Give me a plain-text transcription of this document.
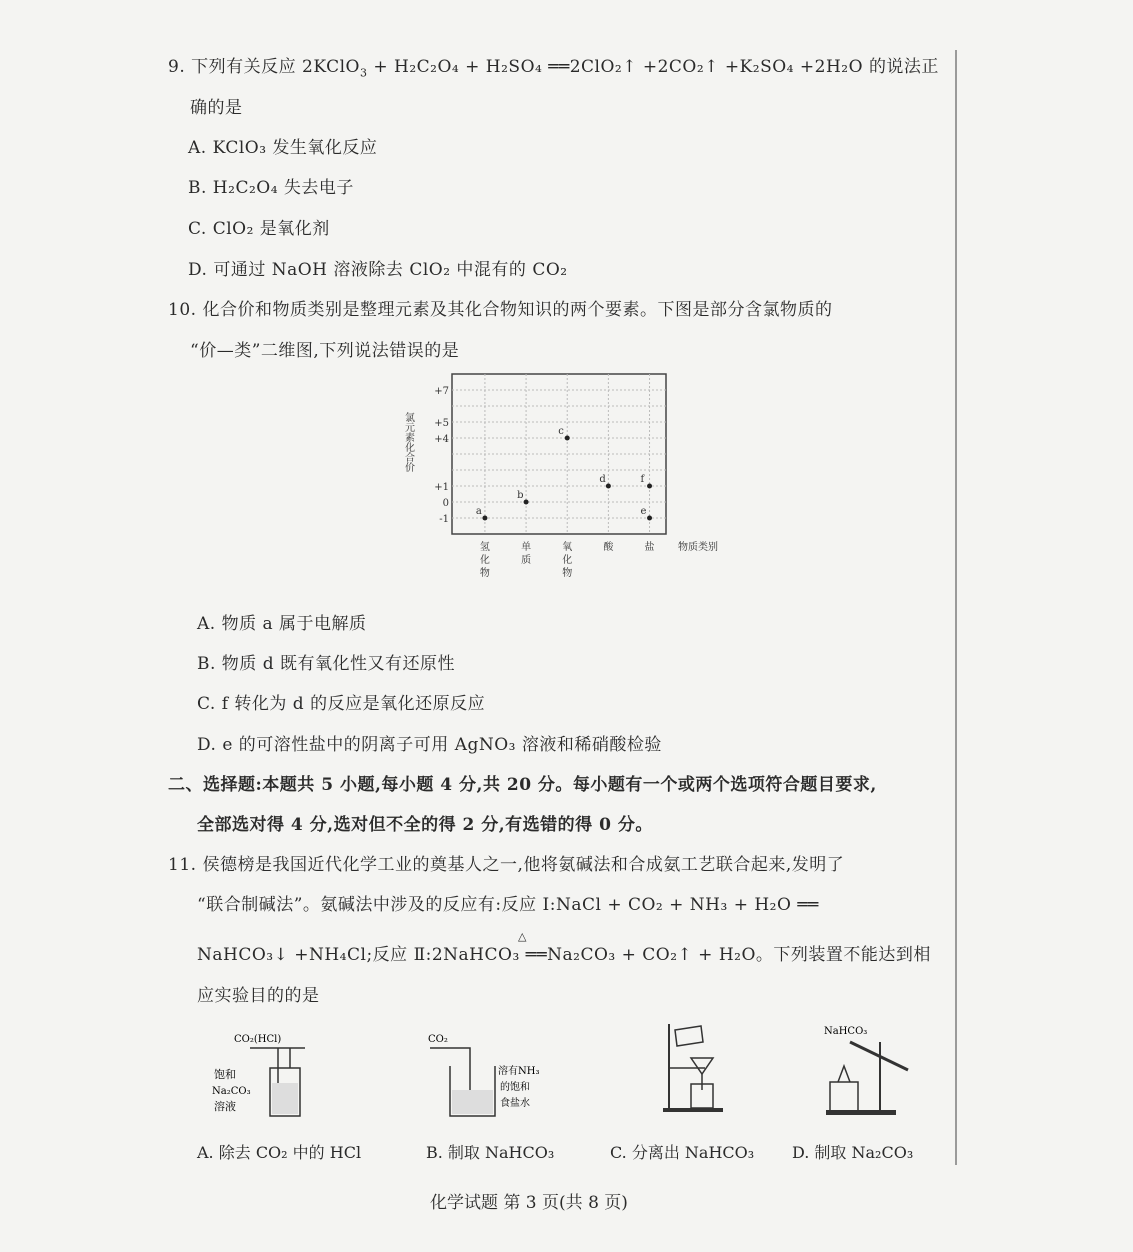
9. 下列有关反应 2KClO$_3$ + H₂C₂O₄ + H₂SO₄ ══2ClO₂↑ +2CO₂↑ +K₂SO₄ +2H₂O 的说法正
确的是
A. KClO₃ 发生氧化反应
B. H₂C₂O₄ 失去电子
C. ClO₂ 是氧化剂
D. 可通过 NaOH 溶液除去 ClO₂ 中混有的 CO₂
10. 化合价和物质类别是整理元素及其化合物知识的两个要素。下图是部分含氯物质的
“价—类”二维图,下列说法错误的是
+7
+5
+4
+1
0
-1
氢
化
物
单
质
氧
化
物
酸	盐 物质类别
氯元素化合价
a
b
c
d	f
e
A. 物质 a 属于电解质
B. 物质 d 既有氧化性又有还原性
C. f 转化为 d 的反应是氧化还原反应
D. e 的可溶性盐中的阴离子可用 AgNO₃ 溶液和稀硝酸检验
二、选择题:本题共 5 小题,每小题 4 分,共 20 分。每小题有一个或两个选项符合题目要求,
全部选对得 4 分,选对但不全的得 2 分,有选错的得 0 分。
11. 侯德榜是我国近代化学工业的奠基人之一,他将氨碱法和合成氨工艺联合起来,发明了
“联合制碱法”。氨碱法中涉及的反应有:反应 Ⅰ:NaCl + CO₂ + NH₃ + H₂O ══
△
NaHCO₃↓ +NH₄Cl;反应 Ⅱ:2NaHCO₃ ══Na₂CO₃ + CO₂↑ + H₂O。下列装置不能达到相
应实验目的的是
CO₂(HCl)
饱和
Na₂CO₃
溶液
CO₂
溶有NH₃
的饱和
食盐水
NaHCO₃
A. 除去 CO₂ 中的 HCl	B. 制取 NaHCO₃	C. 分离出 NaHCO₃ D. 制取 Na₂CO₃
化学试题 第 3 页(共 8 页)
